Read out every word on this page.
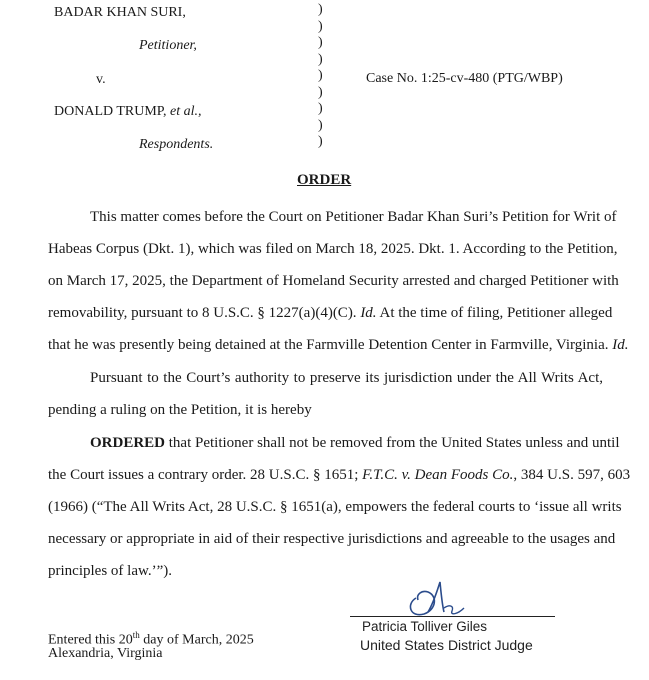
BADAR KHAN SURI,
Petitioner,
v.
DONALD TRUMP, et al.,
Respondents.
)
)
)
)
)
)
)
)
)
Case No. 1:25-cv-480 (PTG/WBP)
ORDER
This matter comes before the Court on Petitioner Badar Khan Suri’s Petition for Writ of
Habeas Corpus (Dkt. 1), which was filed on March 18, 2025. Dkt. 1. According to the Petition,
on March 17, 2025, the Department of Homeland Security arrested and charged Petitioner with
removability, pursuant to 8 U.S.C. § 1227(a)(4)(C). Id. At the time of filing, Petitioner alleged
that he was presently being detained at the Farmville Detention Center in Farmville, Virginia. Id.
Pursuant to the Court’s authority to preserve its jurisdiction under the All Writs Act,
pending a ruling on the Petition, it is hereby
ORDERED that Petitioner shall not be removed from the United States unless and until
the Court issues a contrary order. 28 U.S.C. § 1651; F.T.C. v. Dean Foods Co., 384 U.S. 597, 603
(1966) (“The All Writs Act, 28 U.S.C. § 1651(a), empowers the federal courts to ‘issue all writs
necessary or appropriate in aid of their respective jurisdictions and agreeable to the usages and
principles of law.’”).
Patricia Tolliver Giles
United States District Judge
Entered this 20th day of March, 2025
Alexandria, Virginia
